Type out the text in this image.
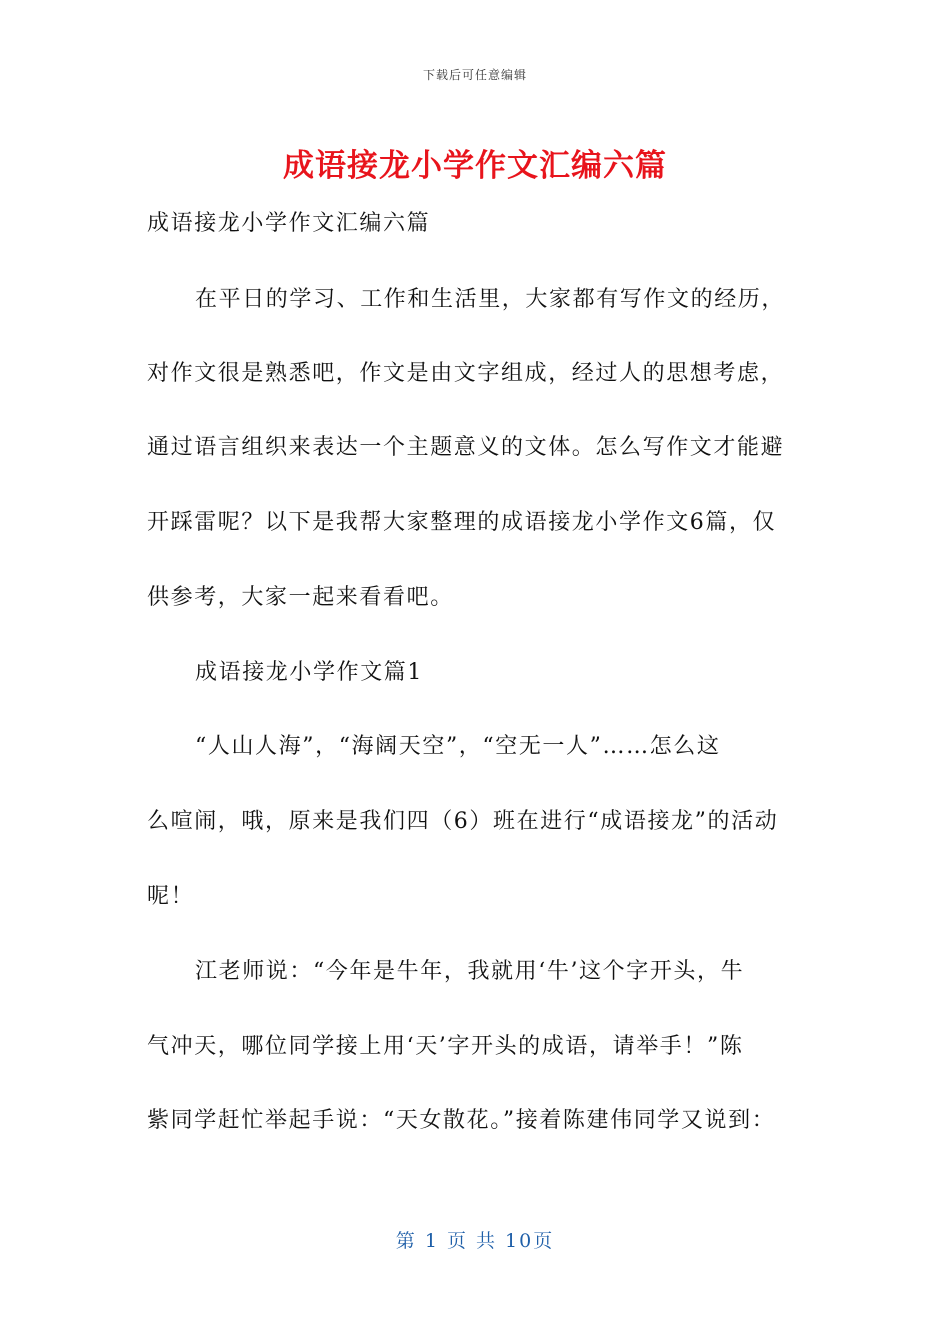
下载后可任意编辑
成语接龙小学作文汇编六篇
成语接龙小学作文汇编六篇
在平日的学习、工作和生活里，大家都有写作文的经历，
对作文很是熟悉吧，作文是由文字组成，经过人的思想考虑，
通过语言组织来表达一个主题意义的文体。怎么写作文才能避
开踩雷呢？以下是我帮大家整理的成语接龙小学作文6篇，仅
供参考，大家一起来看看吧。
成语接龙小学作文篇1
“人山人海”，“海阔天空”，“空无一人”……怎么这
么喧闹，哦，原来是我们四（6）班在进行“成语接龙”的活动
呢！
江老师说：“今年是牛年，我就用‘牛’这个字开头，牛
气冲天，哪位同学接上用‘天’字开头的成语，请举手！”陈
紫同学赶忙举起手说：“天女散花。”接着陈建伟同学又说到：
第 1 页 共 10页
